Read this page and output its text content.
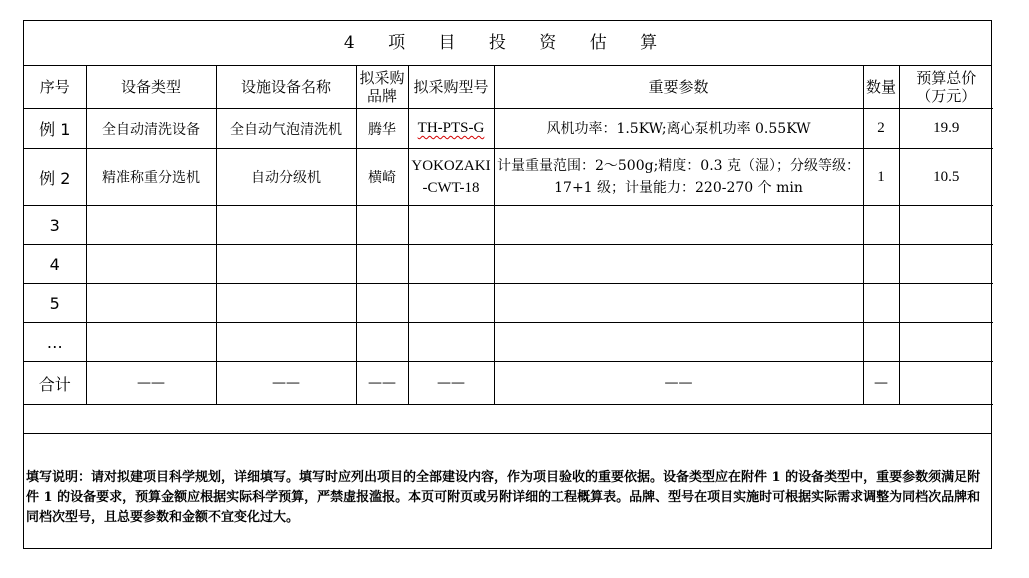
4 项 目 投 资 估 算
序号	设备类型	设施设备名称	拟采购品牌	拟采购型号	重要参数	数量	预算总价（万元）
例 1	全自动清洗设备	全自动气泡清洗机	腾华	TH-PTS-G	风机功率：1.5KW;离心泵机功率 0.55KW	2	19.9
例 2	精准称重分选机	自动分级机	横崎	YOKOZAKI-CWT-18	计量重量范围：2～500g;精度：0.3 克（湿）；分级等级：17+1 级；计量能力：220-270 个 min	1	10.5
3							
4							
5							
…							
合计	——	——	——	——	——	—	
填写说明：请对拟建项目科学规划，详细填写。填写时应列出项目的全部建设内容，作为项目验收的重要依据。设备类型应在附件 1 的设备类型中，重要参数须满足附件 1 的设备要求，预算金额应根据实际科学预算，严禁虚报滥报。本页可附页或另附详细的工程概算表。品牌、型号在项目实施时可根据实际需求调整为同档次品牌和同档次型号，且总要参数和金额不宜变化过大。
